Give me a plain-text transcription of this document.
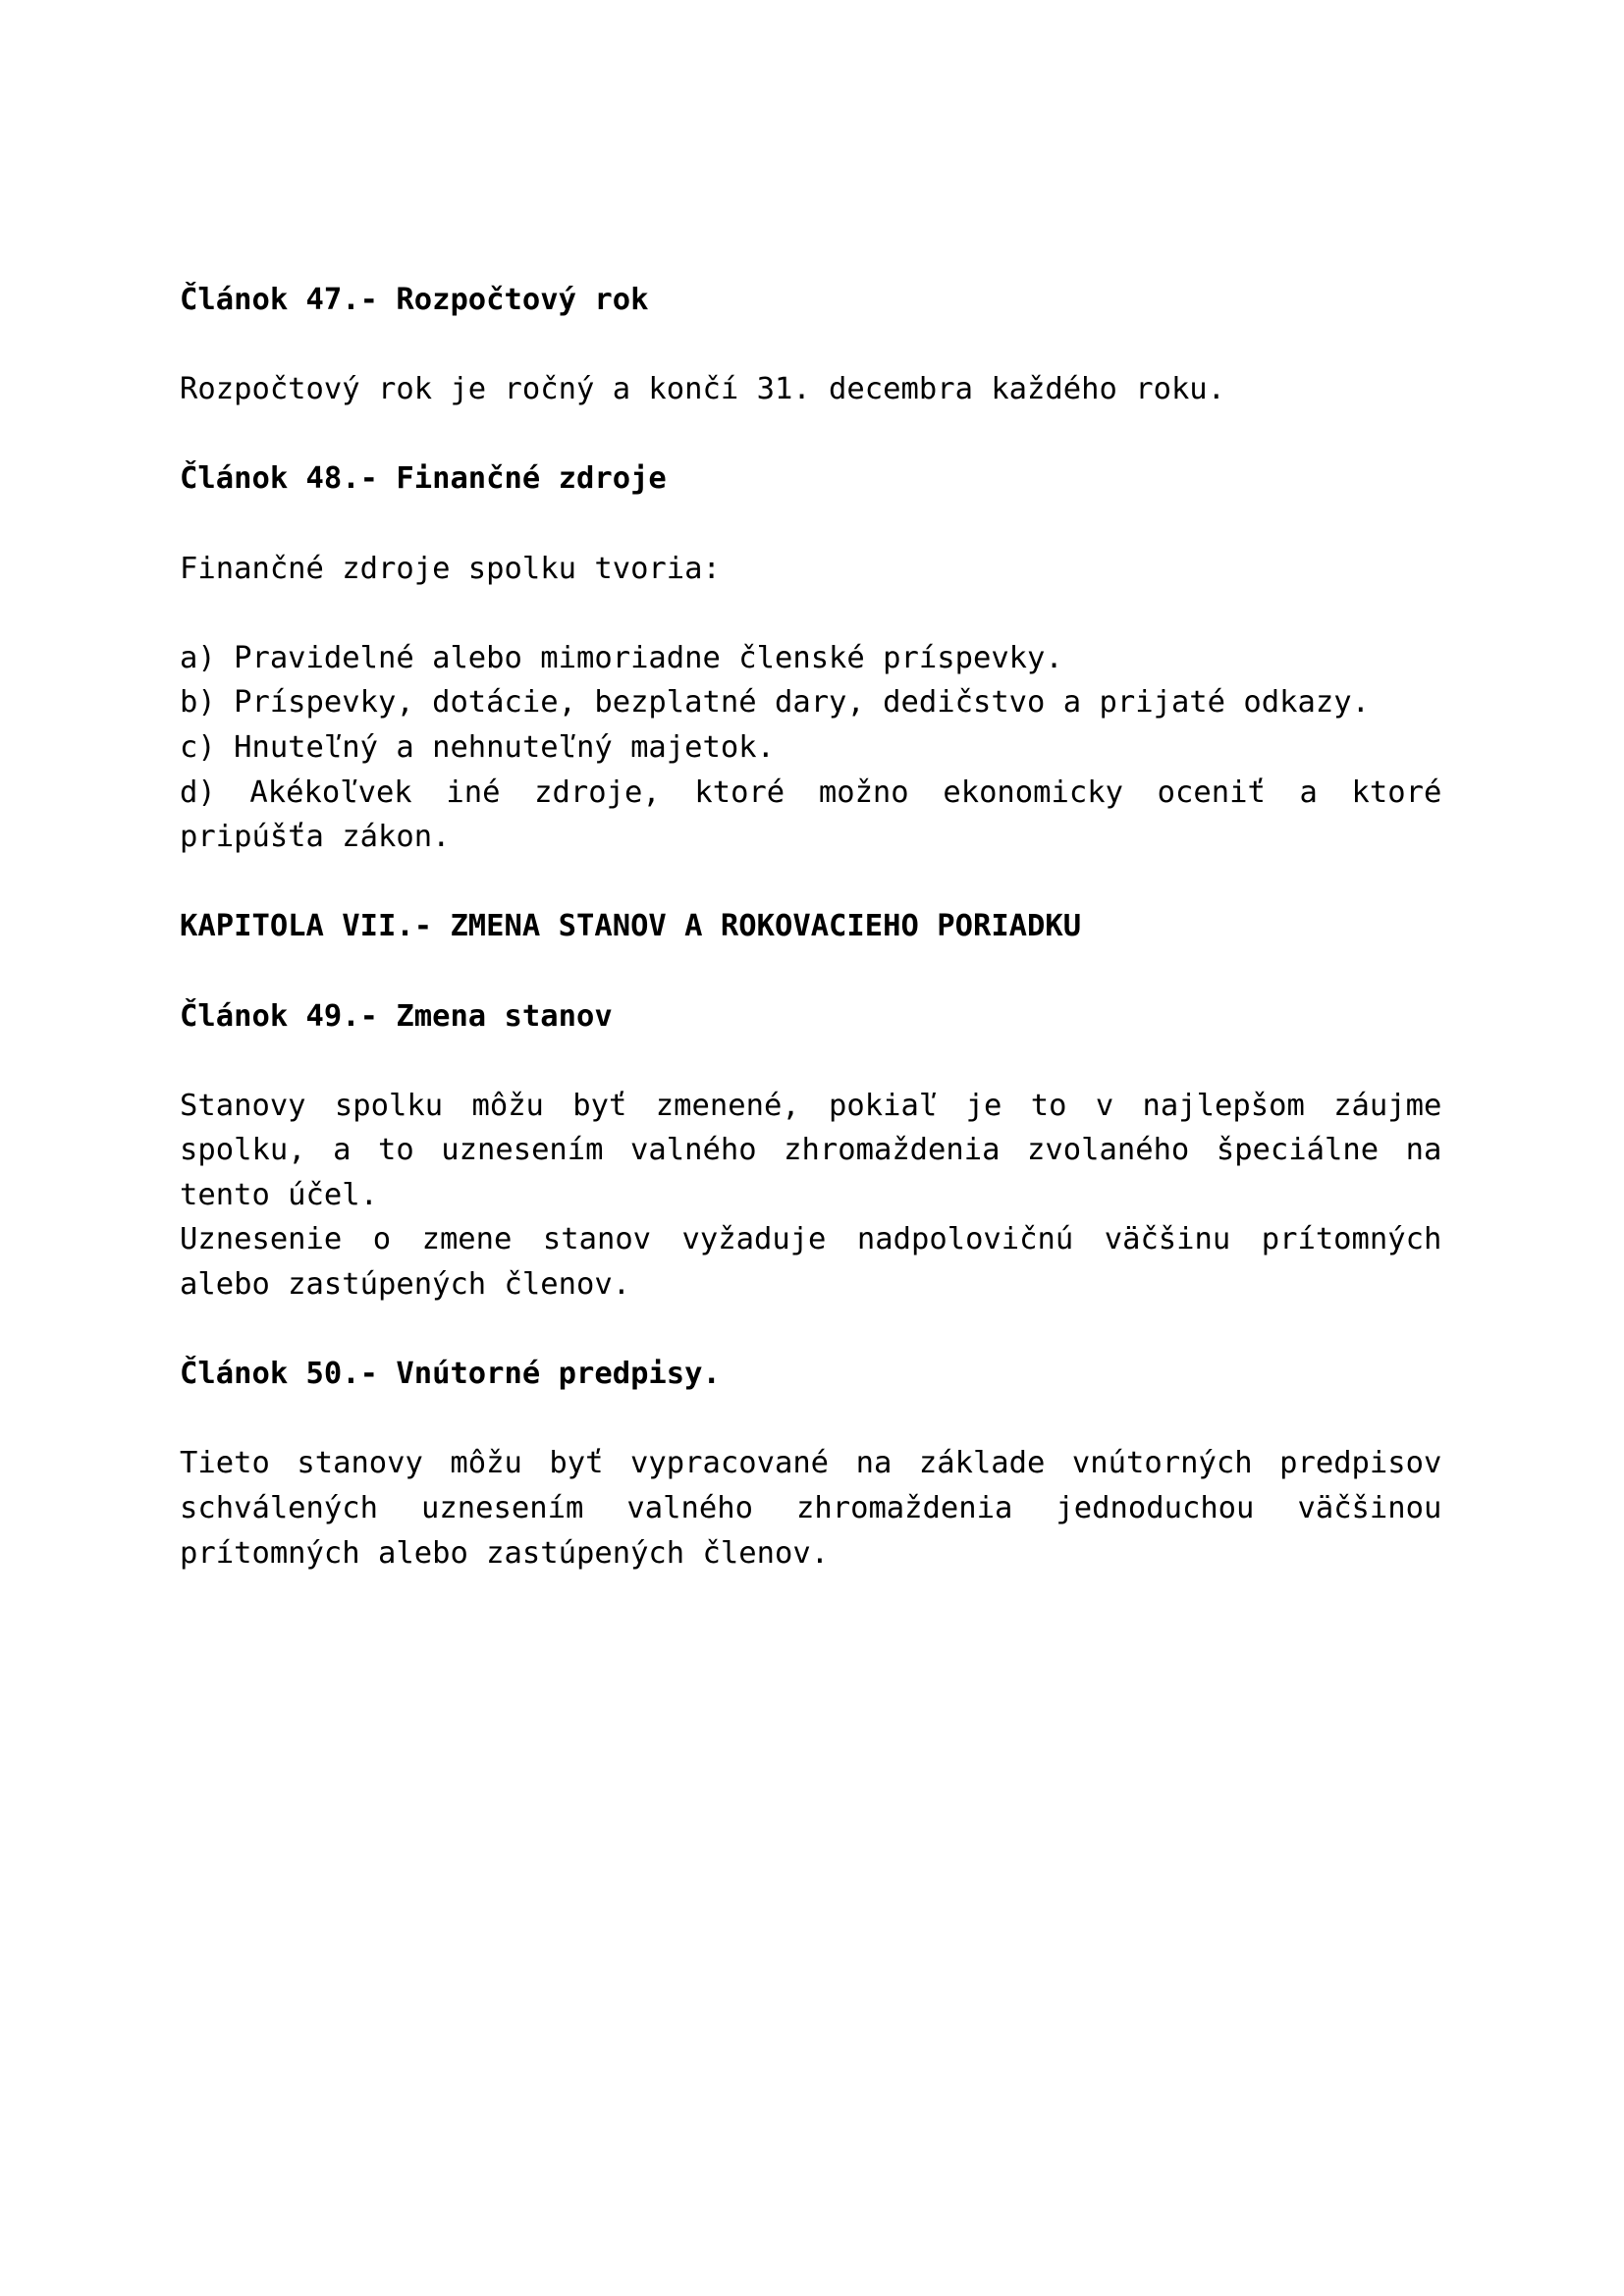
Článok 47.- Rozpočtový rok

Rozpočtový rok je ročný a končí 31. decembra každého roku.

Článok 48.- Finančné zdroje

Finančné zdroje spolku tvoria:

a) Pravidelné alebo mimoriadne členské príspevky.
b) Príspevky, dotácie, bezplatné dary, dedičstvo a prijaté odkazy.
c) Hnuteľný a nehnuteľný majetok.
d) Akékoľvek iné zdroje, ktoré možno ekonomicky oceniť a ktoré pripúšťa zákon.
KAPITOLA VII.- ZMENA STANOV A ROKOVACIEHO PORIADKU
Článok 49.- Zmena stanov

Stanovy spolku môžu byť zmenené, pokiaľ je to v najlepšom záujme spolku, a to uznesením valného zhromaždenia zvolaného špeciálne na tento účel.

Uznesenie o zmene stanov vyžaduje nadpolovičnú väčšinu prítomných alebo zastúpených členov.

Článok 50.- Vnútorné predpisy.

Tieto stanovy môžu byť vypracované na základe vnútorných predpisov schválených uznesením valného zhromaždenia jednoduchou väčšinou prítomných alebo zastúpených členov.
